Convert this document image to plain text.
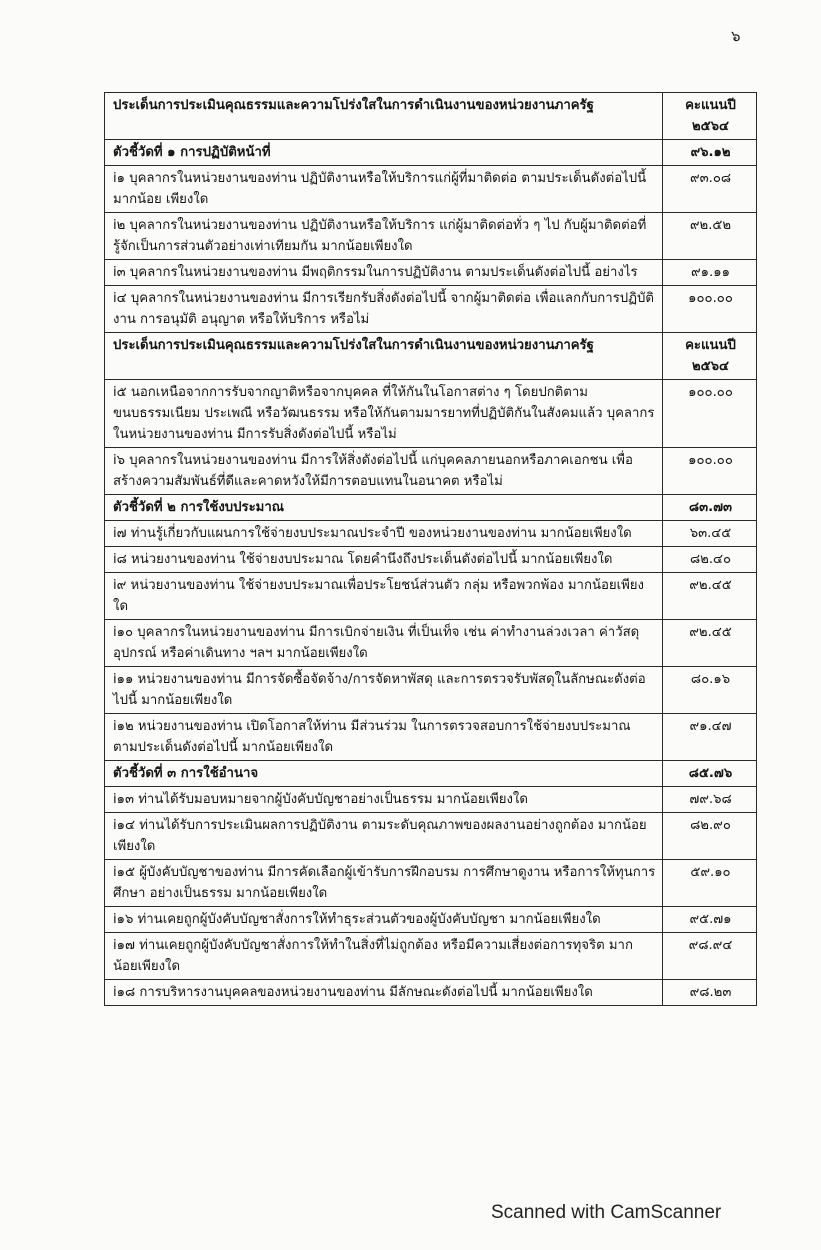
๖
ประเด็นการประเมินคุณธรรมและความโปร่งใสในการดำเนินงานของหน่วยงานภาครัฐ	คะแนนปี ๒๕๖๔
ตัวชี้วัดที่ ๑ การปฏิบัติหน้าที่	๙๖.๑๒
i๑ บุคลากรในหน่วยงานของท่าน ปฏิบัติงานหรือให้บริการแก่ผู้ที่มาติดต่อ ตามประเด็นดังต่อไปนี้ มากน้อย เพียงใด	๙๓.๐๘
i๒ บุคลากรในหน่วยงานของท่าน ปฏิบัติงานหรือให้บริการ แก่ผู้มาติดต่อทั่ว ๆ ไป กับผู้มาติดต่อที่รู้จักเป็นการส่วนตัวอย่างเท่าเทียมกัน มากน้อยเพียงใด	๙๒.๕๒
i๓ บุคลากรในหน่วยงานของท่าน มีพฤติกรรมในการปฏิบัติงาน ตามประเด็นดังต่อไปนี้ อย่างไร	๙๑.๑๑
i๔ บุคลากรในหน่วยงานของท่าน มีการเรียกรับสิ่งดังต่อไปนี้ จากผู้มาติดต่อ เพื่อแลกกับการปฏิบัติงาน การอนุมัติ อนุญาต หรือให้บริการ หรือไม่	๑๐๐.๐๐
ประเด็นการประเมินคุณธรรมและความโปร่งใสในการดำเนินงานของหน่วยงานภาครัฐ	คะแนนปี ๒๕๖๔
i๕ นอกเหนือจากการรับจากญาติหรือจากบุคคล ที่ให้กันในโอกาสต่าง ๆ โดยปกติตามขนบธรรมเนียม ประเพณี หรือวัฒนธรรม หรือให้กันตามมารยาทที่ปฏิบัติกันในสังคมแล้ว บุคลากรในหน่วยงานของท่าน มีการรับสิ่งดังต่อไปนี้ หรือไม่	๑๐๐.๐๐
i๖ บุคลากรในหน่วยงานของท่าน มีการให้สิ่งดังต่อไปนี้ แก่บุคคลภายนอกหรือภาคเอกชน เพื่อสร้างความสัมพันธ์ที่ดีและคาดหวังให้มีการตอบแทนในอนาคต หรือไม่	๑๐๐.๐๐
ตัวชี้วัดที่ ๒ การใช้งบประมาณ	๘๓.๗๓
i๗ ท่านรู้เกี่ยวกับแผนการใช้จ่ายงบประมาณประจำปี ของหน่วยงานของท่าน มากน้อยเพียงใด	๖๓.๔๕
i๘ หน่วยงานของท่าน ใช้จ่ายงบประมาณ โดยคำนึงถึงประเด็นดังต่อไปนี้ มากน้อยเพียงใด	๘๒.๔๐
i๙ หน่วยงานของท่าน ใช้จ่ายงบประมาณเพื่อประโยชน์ส่วนตัว กลุ่ม หรือพวกพ้อง มากน้อยเพียงใด	๙๒.๔๕
i๑๐ บุคลากรในหน่วยงานของท่าน มีการเบิกจ่ายเงิน ที่เป็นเท็จ เช่น ค่าทำงานล่วงเวลา ค่าวัสดุอุปกรณ์ หรือค่าเดินทาง ฯลฯ มากน้อยเพียงใด	๙๒.๔๕
i๑๑ หน่วยงานของท่าน มีการจัดซื้อจัดจ้าง/การจัดหาพัสดุ และการตรวจรับพัสดุในลักษณะดังต่อไปนี้ มากน้อยเพียงใด	๘๐.๑๖
i๑๒ หน่วยงานของท่าน เปิดโอกาสให้ท่าน มีส่วนร่วม ในการตรวจสอบการใช้จ่ายงบประมาณ ตามประเด็นดังต่อไปนี้ มากน้อยเพียงใด	๙๑.๔๗
ตัวชี้วัดที่ ๓ การใช้อำนาจ	๘๕.๗๖
i๑๓ ท่านได้รับมอบหมายจากผู้บังคับบัญชาอย่างเป็นธรรม มากน้อยเพียงใด	๗๙.๖๘
i๑๔ ท่านได้รับการประเมินผลการปฏิบัติงาน ตามระดับคุณภาพของผลงานอย่างถูกต้อง มากน้อยเพียงใด	๘๒.๙๐
i๑๕ ผู้บังคับบัญชาของท่าน มีการคัดเลือกผู้เข้ารับการฝึกอบรม การศึกษาดูงาน หรือการให้ทุนการศึกษา อย่างเป็นธรรม มากน้อยเพียงใด	๕๙.๑๐
i๑๖ ท่านเคยถูกผู้บังคับบัญชาสั่งการให้ทำธุระส่วนตัวของผู้บังคับบัญชา มากน้อยเพียงใด	๙๕.๗๑
i๑๗ ท่านเคยถูกผู้บังคับบัญชาสั่งการให้ทำในสิ่งที่ไม่ถูกต้อง หรือมีความเสี่ยงต่อการทุจริต มากน้อยเพียงใด	๙๘.๙๔
i๑๘ การบริหารงานบุคคลของหน่วยงานของท่าน มีลักษณะดังต่อไปนี้ มากน้อยเพียงใด	๙๘.๒๓
Scanned with CamScanner
